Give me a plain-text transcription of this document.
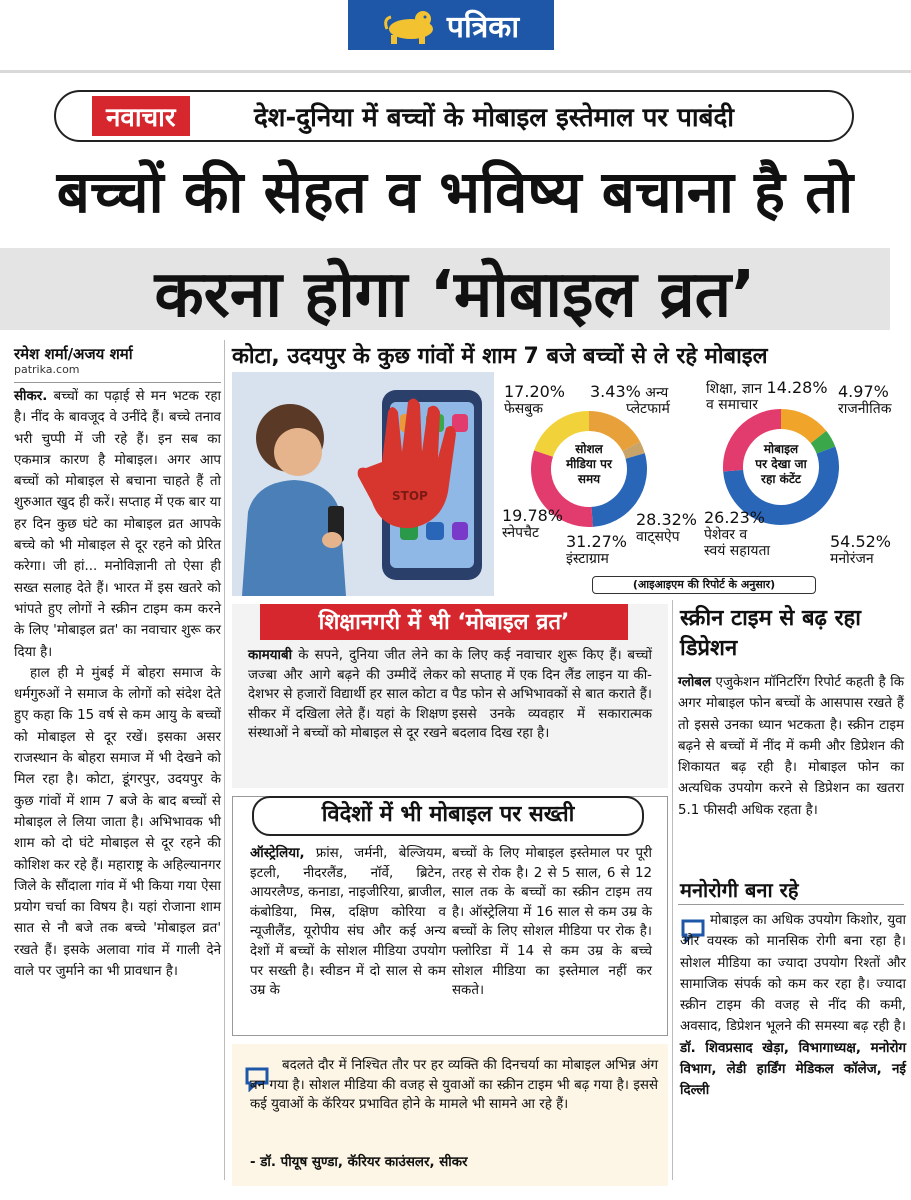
पत्रिका
नवाचार	देश-दुनिया में बच्चों के मोबाइल इस्तेमाल पर पाबंदी
बच्चों की सेहत व भविष्य बचाना है तो
करना होगा ‘मोबाइल व्रत’
रमेश शर्मा/अजय शर्मा
patrika.com

सीकर. बच्चों का पढ़ाई से मन भटक रहा है। नींद के बावजूद वे उनींदे हैं। बच्चे तनाव भरी चुप्पी में जी रहे हैं। इन सब का एकमात्र कारण है मोबाइल। अगर आप बच्चों को मोबाइल से बचाना चाहते हैं तो शुरुआत खुद ही करें। सप्ताह में एक बार या हर दिन कुछ घंटे का मोबाइल व्रत आपके बच्चे को भी मोबाइल से दूर रहने को प्रेरित करेगा। जी हां... मनोविज्ञानी तो ऐसा ही सख्त सलाह देते हैं। भारत में इस खतरे को भांपते हुए लोगों ने स्क्रीन टाइम कम करने के लिए 'मोबाइल व्रत' का नवाचार शुरू कर दिया है।

हाल ही मे मुंबई में बोहरा समाज के धर्मगुरुओं ने समाज के लोगों को संदेश देते हुए कहा कि 15 वर्ष से कम आयु के बच्चों को मोबाइल से दूर रखें। इसका असर राजस्थान के बोहरा समाज में भी देखने को मिल रहा है। कोटा, डूंगरपुर, उदयपुर के कुछ गांवों में शाम 7 बजे के बाद बच्चों से मोबाइल ले लिया जाता है। अभिभावक भी शाम को दो घंटे मोबाइल से दूर रहने की कोशिश कर रहे हैं। महाराष्ट्र के अहिल्यानगर जिले के सौंदाला गांव में भी किया गया ऐसा प्रयोग चर्चा का विषय है। यहां रोजाना शाम सात से नौ बजे तक बच्चे 'मोबाइल व्रत' रखते हैं। इसके अलावा गांव में गाली देने वाले पर जुर्माने का भी प्रावधान है।

कोटा, उदयपुर के कुछ गांवों में शाम 7 बजे बच्चों से ले रहे मोबाइल
STOP
सोशल
मीडिया पर
समय
17.20%
फेसबुक
3.43% अन्य
प्लेटफार्म
19.78%
स्नेपचैट	31.27%
इंस्टाग्राम
28.32%
वाट्सऐप
मोबाइल
पर देखा जा
रहा कंटेंट
शिक्षा, ज्ञान 14.28%
व समाचार
4.97%
राजनीतिक
26.23%
पेशेवर व
स्वयं सहायता	54.52%
मनोरंजन
(आइआइएम की रिपोर्ट के अनुसार)
शिक्षानगरी में भी ‘मोबाइल व्रत’
कामयाबी के सपने, दुनिया जीत लेने का जज्बा और आगे बढ़ने की उम्मीदें लेकर देशभर से हजारों विद्यार्थी हर साल कोटा व सीकर में दखिला लेते हैं। यहां के शिक्षण संस्थाओं ने बच्चों को मोबाइल से दूर रखने
के लिए कई नवाचार शुरू किए हैं। बच्चों को सप्ताह में एक दिन लैंड लाइन या की-पैड फोन से अभिभावकों से बात कराते हैं। इससे उनके व्यवहार में सकारात्मक बदलाव दिख रहा है।
विदेशों में भी मोबाइल पर सख्ती
ऑस्ट्रेलिया, फ्रांस, जर्मनी, बेल्जियम, इटली, नीदरलैंड, नॉर्वे, ब्रिटेन, आयरलैण्ड, कनाडा, नाइजीरिया, ब्राजील, कंबोडिया, मिस्र, दक्षिण कोरिया व न्यूजीलैंड, यूरोपीय संघ और कई अन्य देशों में बच्चों के सोशल मीडिया उपयोग पर सख्ती है। स्वीडन में दो साल से कम उम्र के
बच्चों के लिए मोबाइल इस्तेमाल पर पूरी तरह से रोक है। 2 से 5 साल, 6 से 12 साल तक के बच्चों का स्क्रीन टाइम तय है। ऑस्ट्रेलिया में 16 साल से कम उम्र के बच्चों के लिए सोशल मीडिया पर रोक है। फ्लोरिडा में 14 से कम उम्र के बच्चे सोशल मीडिया का इस्तेमाल नहीं कर सकते।
बदलते दौर में निश्चित तौर पर हर व्यक्ति की दिनचर्या का मोबाइल अभिन्न अंग बन गया है। सोशल मीडिया की वजह से युवाओं का स्क्रीन टाइम भी बढ़ गया है। इससे कई युवाओं के कॅरियर प्रभावित होने के मामले भी सामने आ रहे हैं।
- डॉ. पीयूष सुण्डा, कॅरियर काउंसलर, सीकर
स्क्रीन टाइम से बढ़ रहा डिप्रेशन
ग्लोबल एजुकेशन मॉनिटरिंग रिपोर्ट कहती है कि अगर मोबाइल फोन बच्चों के आसपास रखते हैं तो इससे उनका ध्यान भटकता है। स्क्रीन टाइम बढ़ने से बच्चों में नींद में कमी और डिप्रेशन की शिकायत बढ़ रही है। मोबाइल फोन का अत्यधिक उपयोग करने से डिप्रेशन का खतरा 5.1 फीसदी अधिक रहता है।
मनोरोगी बना रहे
मोबाइल का अधिक उपयोग किशोर, युवा और वयस्क को मानसिक रोगी बना रहा है। सोशल मीडिया का ज्यादा उपयोग रिश्तों और सामाजिक संपर्क को कम कर रहा है। ज्यादा स्क्रीन टाइम की वजह से नींद की कमी, अवसाद, डिप्रेशन भूलने की समस्या बढ़ रही है। डॉ. शिवप्रसाद खेड़ा, विभागाध्यक्ष, मनोरोग विभाग, लेडी हार्डिंग मेडिकल कॉलेज, नई दिल्ली
